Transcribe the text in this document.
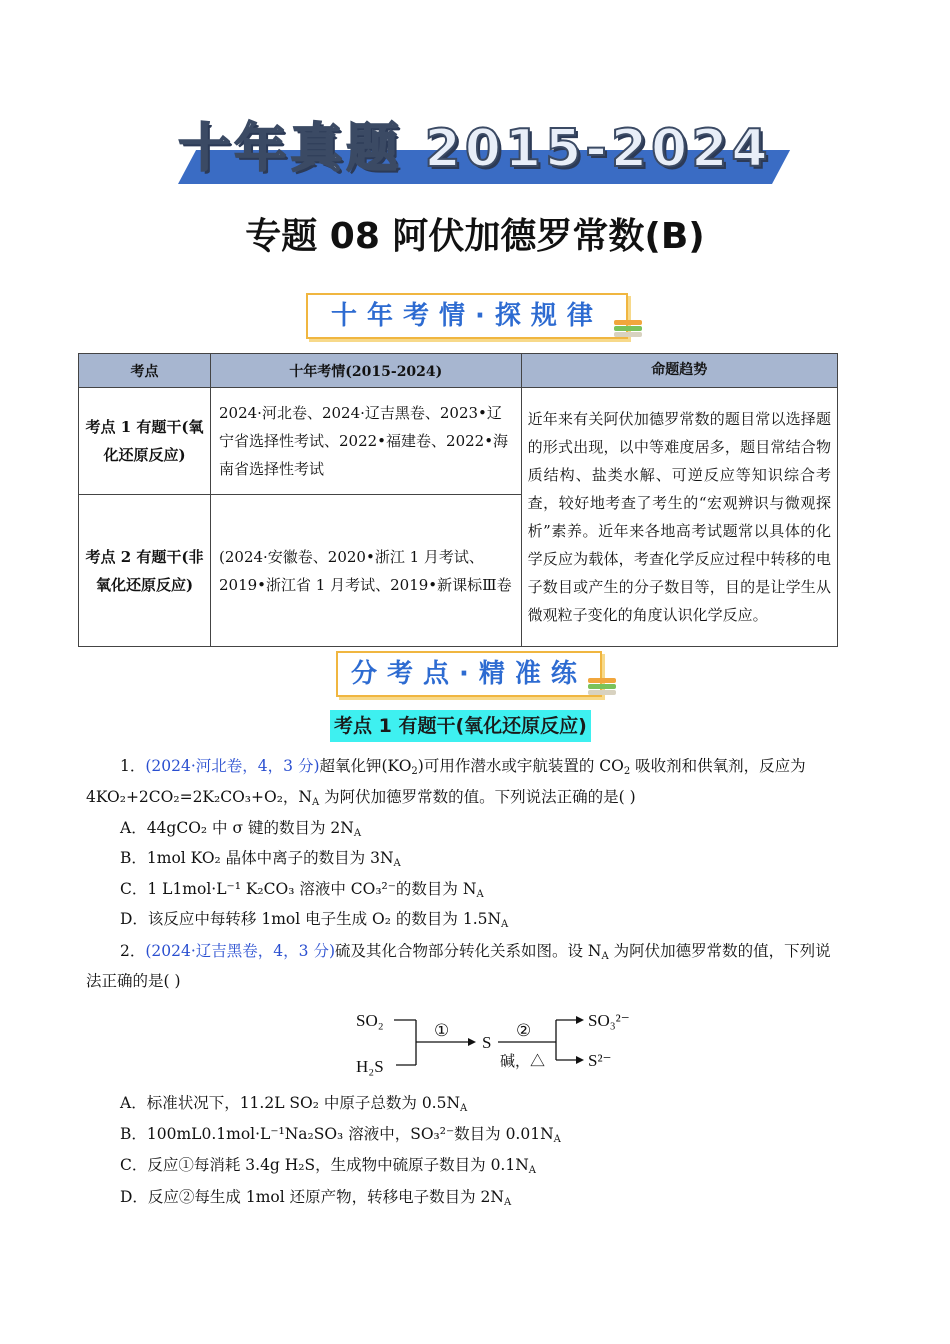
十年真题 2015-2024
专题 08 阿伏加德罗常数(B)
十年考情·探规律
考点	十年考情(2015-2024)	命题趋势
考点 1 有题干(氧化还原反应)	2024·河北卷、2024·辽吉黑卷、2023•辽宁省选择性考试、2022•福建卷、2022•海南省选择性考试	近年来有关阿伏加德罗常数的题目常以选择题的形式出现，以中等难度居多，题目常结合物质结构、盐类水解、可逆反应等知识综合考查，较好地考查了考生的“宏观辨识与微观探析”素养。近年来各地高考试题常以具体的化学反应为载体，考查化学反应过程中转移的电子数目或产生的分子数目等，目的是让学生从微观粒子变化的角度认识化学反应。
考点 2 有题干(非氧化还原反应)	(2024·安徽卷、2020•浙江 1 月考试、2019•浙江省 1 月考试、2019•新课标Ⅲ卷	
分考点·精准练
考点 1 有题干(氧化还原反应)
1．(2024·河北卷，4，3 分)超氧化钾$(KO_2)$可用作潜水或宇航装置的 $CO_2$ 吸收剂和供氧剂，反应为
4KO₂+2CO₂=2K₂CO₃+O₂，$N_A$ 为阿伏加德罗常数的值。下列说法正确的是( )
A．44gCO₂ 中 σ 键的数目为 $2N_A$
B．1mol KO₂ 晶体中离子的数目为 $3N_A$
C．1 L1mol·L⁻¹ K₂CO₃ 溶液中 CO₃²⁻的数目为 $N_A$
D．该反应中每转移 1mol 电子生成 O₂ 的数目为 $1.5N_A$
2．(2024·辽吉黑卷，4，3 分)硫及其化合物部分转化关系如图。设 $N_A$ 为阿伏加德罗常数的值，下列说
法正确的是( )
SO₂
H₂S
①
S
②
碱，△
SO₃²⁻
S²⁻
A．标准状况下，11.2L SO₂ 中原子总数为 $0.5N_A$
B．100mL0.1mol·L⁻¹Na₂SO₃ 溶液中，SO₃²⁻数目为 $0.01N_A$
C．反应①每消耗 3.4g H₂S，生成物中硫原子数目为 $0.1N_A$
D．反应②每生成 1mol 还原产物，转移电子数目为 $2N_A$
